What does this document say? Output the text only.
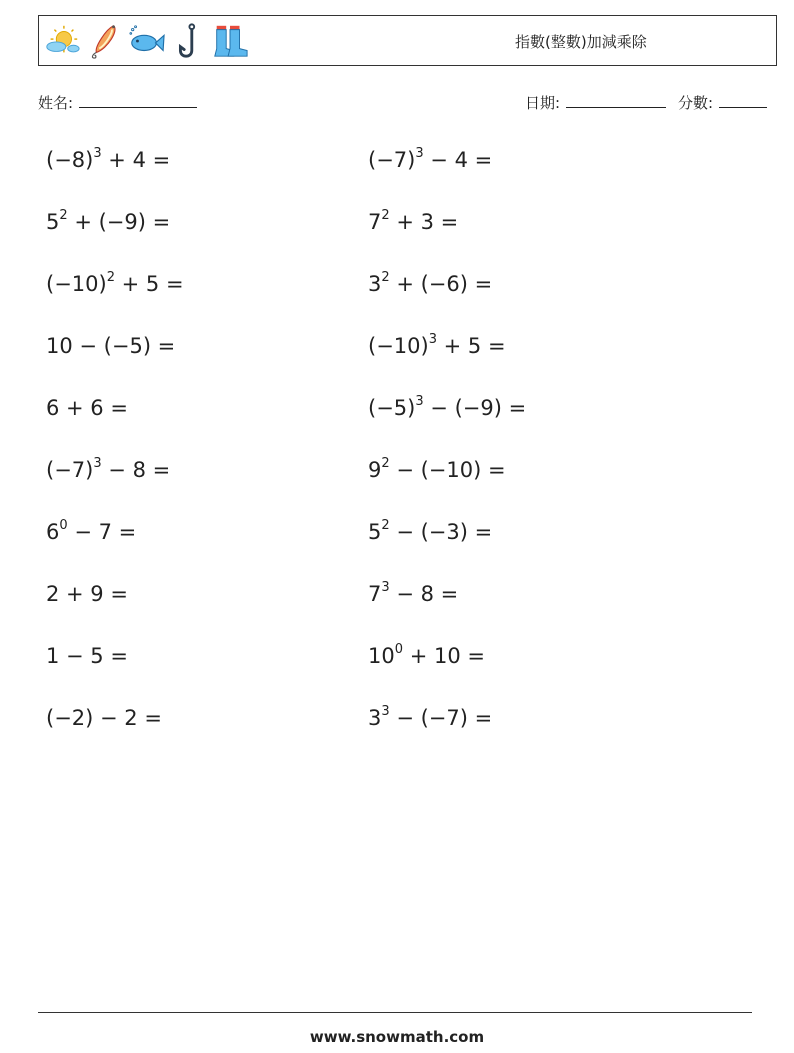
指數(整數)加減乘除
姓名:	日期:	分數:
$(-8)^3 + 4$ =
$5^2 + (-9)$ =
$(-10)^2 + 5$ =
10 − (−5) =
6 + 6 =
$(-7)^3 - 8$ =
$6^0 - 7$ =
2 + 9 =
1 − 5 =
(−2) − 2 =
$(-7)^3 - 4$ =
$7^2 + 3$ =
$3^2 + (-6)$ =
$(-10)^3 + 5$ =
$(-5)^3 - (-9)$ =
$9^2 - (-10)$ =
$5^2 - (-3)$ =
$7^3 - 8$ =
$10^0 + 10$ =
$3^3 - (-7)$ =
www.snowmath.com
